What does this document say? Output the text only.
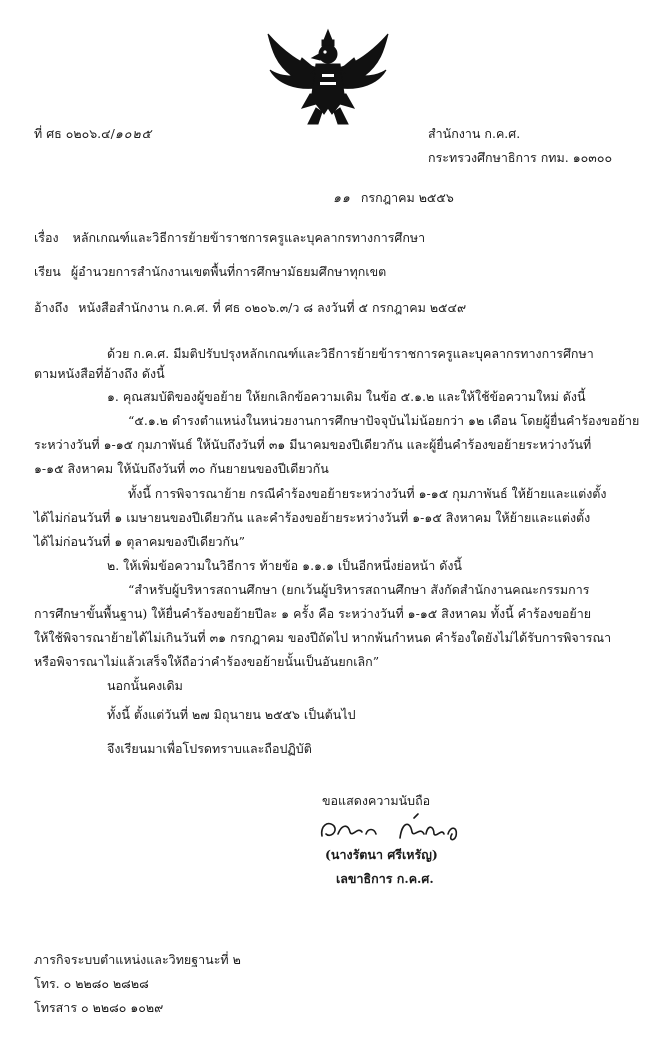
ที่ ศธ ๐๒๐๖.๔/๑๐๒๕	สำนักงาน ก.ค.ศ.
กระทรวงศึกษาธิการ กทม. ๑๐๓๐๐
๑๑ กรกฎาคม ๒๕๕๖
เรื่อง หลักเกณฑ์และวิธีการย้ายข้าราชการครูและบุคลากรทางการศึกษา
เรียน ผู้อำนวยการสำนักงานเขตพื้นที่การศึกษามัธยมศึกษาทุกเขต
อ้างถึง หนังสือสำนักงาน ก.ค.ศ. ที่ ศธ ๐๒๐๖.๓/ว ๘ ลงวันที่ ๕ กรกฎาคม ๒๕๔๙
ด้วย ก.ค.ศ. มีมติปรับปรุงหลักเกณฑ์และวิธีการย้ายข้าราชการครูและบุคลากรทางการศึกษา
ตามหนังสือที่อ้างถึง ดังนี้
๑. คุณสมบัติของผู้ขอย้าย ให้ยกเลิกข้อความเดิม ในข้อ ๕.๑.๒ และให้ใช้ข้อความใหม่ ดังนี้
“๕.๑.๒ ดำรงตำแหน่งในหน่วยงานการศึกษาปัจจุบันไม่น้อยกว่า ๑๒ เดือน โดยผู้ยื่นคำร้องขอย้าย
ระหว่างวันที่ ๑-๑๕ กุมภาพันธ์ ให้นับถึงวันที่ ๓๑ มีนาคมของปีเดียวกัน และผู้ยื่นคำร้องขอย้ายระหว่างวันที่
๑-๑๕ สิงหาคม ให้นับถึงวันที่ ๓๐ กันยายนของปีเดียวกัน
ทั้งนี้ การพิจารณาย้าย กรณีคำร้องขอย้ายระหว่างวันที่ ๑-๑๕ กุมภาพันธ์ ให้ย้ายและแต่งตั้ง
ได้ไม่ก่อนวันที่ ๑ เมษายนของปีเดียวกัน และคำร้องขอย้ายระหว่างวันที่ ๑-๑๕ สิงหาคม ให้ย้ายและแต่งตั้ง
ได้ไม่ก่อนวันที่ ๑ ตุลาคมของปีเดียวกัน”
๒. ให้เพิ่มข้อความในวิธีการ ท้ายข้อ ๑.๑.๑ เป็นอีกหนึ่งย่อหน้า ดังนี้
“สำหรับผู้บริหารสถานศึกษา (ยกเว้นผู้บริหารสถานศึกษา สังกัดสำนักงานคณะกรรมการ
การศึกษาขั้นพื้นฐาน) ให้ยื่นคำร้องขอย้ายปีละ ๑ ครั้ง คือ ระหว่างวันที่ ๑-๑๕ สิงหาคม ทั้งนี้ คำร้องขอย้าย
ให้ใช้พิจารณาย้ายได้ไม่เกินวันที่ ๓๑ กรกฎาคม ของปีถัดไป หากพ้นกำหนด คำร้องใดยังไม่ได้รับการพิจารณา
หรือพิจารณาไม่แล้วเสร็จให้ถือว่าคำร้องขอย้ายนั้นเป็นอันยกเลิก”
นอกนั้นคงเดิม
ทั้งนี้ ตั้งแต่วันที่ ๒๗ มิถุนายน ๒๕๕๖ เป็นต้นไป
จึงเรียนมาเพื่อโปรดทราบและถือปฏิบัติ
ขอแสดงความนับถือ
(นางรัตนา ศรีเหรัญ)
เลขาธิการ ก.ค.ศ.
ภารกิจระบบตำแหน่งและวิทยฐานะที่ ๒
โทร. ๐ ๒๒๘๐ ๒๘๒๘
โทรสาร ๐ ๒๒๘๐ ๑๐๒๙
